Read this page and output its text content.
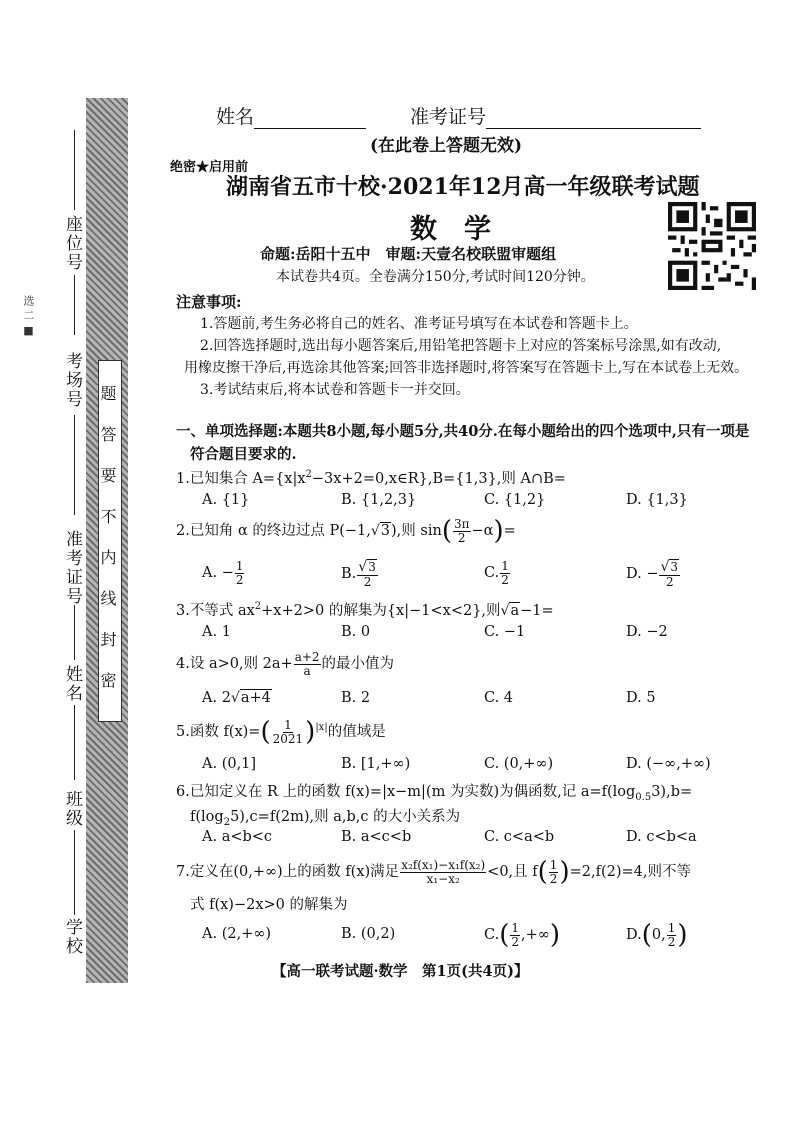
选 二 ■
座位号
考场号
准考证号
姓名
班级
学校
密
封
线
内
不
要
答
题
姓名	准考证号
(在此卷上答题无效)
绝密★启用前
湖南省五市十校·2021年12月高一年级联考试题
数　学
命题:岳阳十五中　审题:天壹名校联盟审题组
本试卷共4页。全卷满分150分,考试时间120分钟。
注意事项:
1.答题前,考生务必将自己的姓名、准考证号填写在本试卷和答题卡上。
2.回答选择题时,选出每小题答案后,用铅笔把答题卡上对应的答案标号涂黑,如有改动,
用橡皮擦干净后,再选涂其他答案;回答非选择题时,将答案写在答题卡上,写在本试卷上无效。
3.考试结束后,将本试卷和答题卡一并交回。
一、单项选择题:本题共8小题,每小题5分,共40分.在每小题给出的四个选项中,只有一项是
符合题目要求的.
1.已知集合 $A=\{x|x^2-3x+2=0,x\in R\},B=\{1,3\}$,则 A∩B=
A. {1}	B. {1,2,3}	C. {1,2}	D. {1,3}
2.已知角 α 的终边过点 P(−1,√3),则 $\sin( \frac{3\pi}{2} -\alpha)=$
A. − $\frac{1}{2}$	B. $\frac{√3}{2}$	C. $\frac{1}{2}$	D. − $\frac{√3}{2}$
3.不等式 $ax^2+x+2>0$ 的解集为{x|−1<x<2},则√a−1=
A. 1	B. 0	C. −1	D. −2
4.设 a>0,则 $2a+ \frac{a+2}{a}$ 的最小值为
A. 2√a+4	B. 2	C. 4	D. 5
5.函数 $f(x)=( \frac{1}{2021} )^{|x|}$的值域是
A. (0,1]	B. [1,+∞)	C. (0,+∞)	D. (−∞,+∞)
6.已知定义在 R 上的函数 f(x)=|x−m|(m 为实数)为偶函数,记 $a=f(\log_{0.5}3),b=$
$f(\log_25),c=f(2m)$,则 a,b,c 的大小关系为
A. a<b<c	B. a<c<b	C. c<a<b	D. c<b<a
7.定义在(0,+∞)上的函数 f(x)满足 $\frac{\text{x₂f(x₁)−x₁f(x₂)}}{\text{x₁−x₂}} <0$,且 $f( \frac{1}{2} )=2,f(2)=4$,则不等
式 f(x)−2x>0 的解集为
A. (2,+∞)	B. (0,2)	$C.( \frac{1}{2}$ ,+∞)	D.(0, $\frac{1}{2}$ )
【高一联考试题·数学　第1页(共4页)】
